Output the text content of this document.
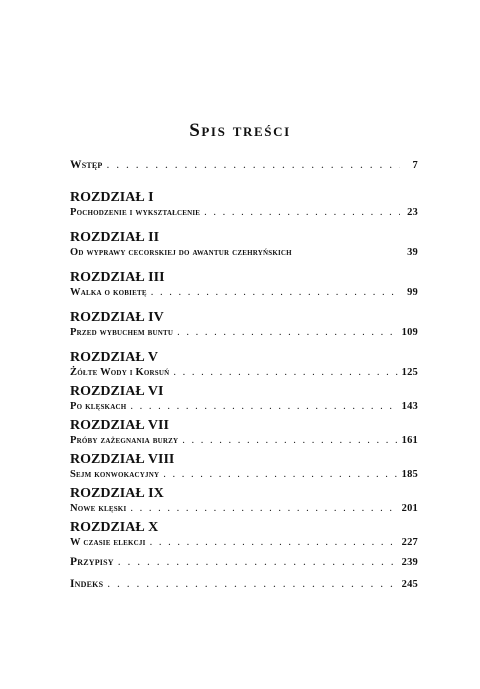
Spis treści
Wstęp . . .	7
ROZDZIAŁ I
Pochodzenie i wykształcenie . . .	23
ROZDZIAŁ II
Od wyprawy cecorskiej do awantur czehryńskich	39
ROZDZIAŁ III
Walka o kobietę . . .	99
ROZDZIAŁ IV
Przed wybuchem buntu . . .	109
ROZDZIAŁ V
Żółte Wody i Korsuń . . .	125
ROZDZIAŁ VI
Po klęskach . . .	143
ROZDZIAŁ VII
Próby zażegnania burzy . . .	161
ROZDZIAŁ VIII
Sejm konwokacyjny . . .	185
ROZDZIAŁ IX
Nowe klęski . . .	201
ROZDZIAŁ X
W czasie elekcji . . .	227
Przypisy . . .	239
Indeks . . .	245
